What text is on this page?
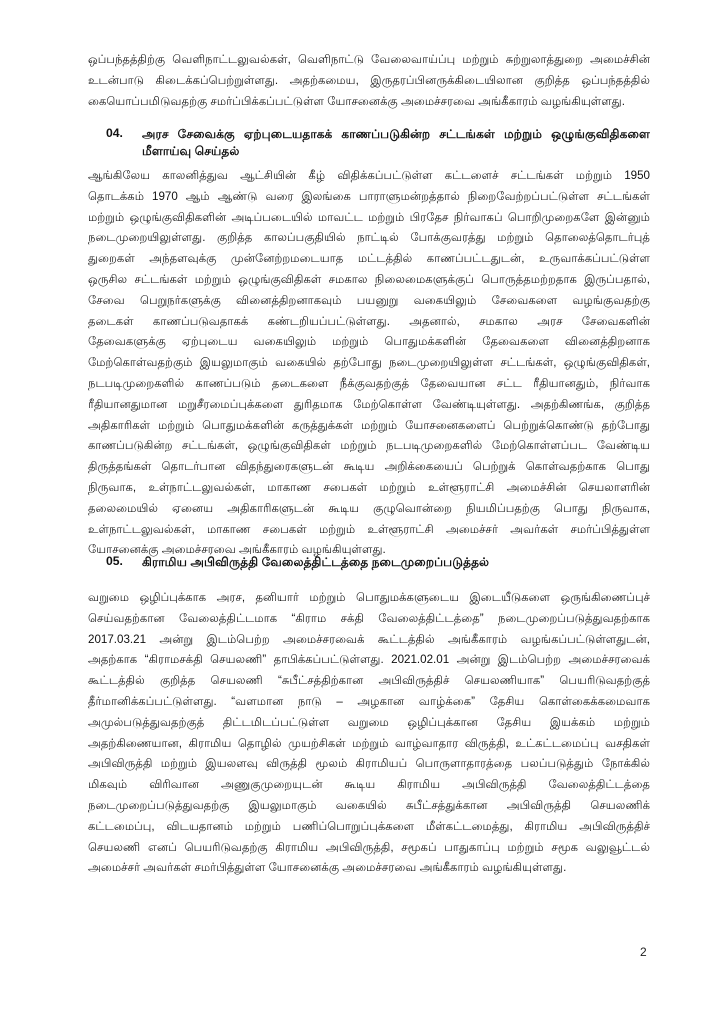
ஒப்பந்தத்திற்கு வெளிநாட்டலுவல்கள், வெளிநாட்டு வேலைவாய்ப்பு மற்றும் சுற்றுலாத்துறை அமைச்சின்
உடன்பாடு கிடைக்கப்பெற்றுள்ளது. அதற்கமைய, இருதரப்பினருக்கிடையிலான குறித்த ஒப்பந்தத்தில்
கையொப்பமிடுவதற்கு சமர்ப்பிக்கப்பட்டுள்ள யோசனைக்கு அமைச்சரவை அங்கீகாரம் வழங்கியுள்ளது.
04. அரச சேவைக்கு ஏற்புடையதாகக் காணப்படுகின்ற சட்டங்கள் மற்றும் ஒழுங்குவிதிகளை
மீளாய்வு செய்தல்
ஆங்கிலேய காலனித்துவ ஆட்சியின் கீழ் விதிக்கப்பட்டுள்ள கட்டளைச் சட்டங்கள் மற்றும் 1950
தொடக்கம் 1970 ஆம் ஆண்டு வரை இலங்கை பாராளுமன்றத்தால் நிறைவேற்றப்பட்டுள்ள சட்டங்கள்
மற்றும் ஒழுங்குவிதிகளின் அடிப்படையில் மாவட்ட மற்றும் பிரதேச நிர்வாகப் பொறிமுறைகளே இன்னும்
நடைமுறையிலுள்ளது. குறித்த காலப்பகுதியில் நாட்டில் போக்குவரத்து மற்றும் தொலைத்தொடர்புத்
துறைகள் அந்தளவுக்கு முன்னேற்றமடையாத மட்டத்தில் காணப்பட்டதுடன், உருவாக்கப்பட்டுள்ள
ஒருசில சட்டங்கள் மற்றும் ஒழுங்குவிதிகள் சமகால நிலைமைகளுக்குப் பொருத்தமற்றதாக இருப்பதால்,
சேவை பெறுநர்களுக்கு வினைத்திறனாகவும் பயனுறு வகையிலும் சேவைகளை வழங்குவதற்கு
தடைகள் காணப்படுவதாகக் கண்டறியப்பட்டுள்ளது. அதனால், சமகால அரச சேவைகளின்
தேவைகளுக்கு ஏற்புடைய வகையிலும் மற்றும் பொதுமக்களின் தேவைகளை வினைத்திறனாக
மேற்கொள்வதற்கும் இயலுமாகும் வகையில் தற்போது நடைமுறையிலுள்ள சட்டங்கள், ஒழுங்குவிதிகள்,
நடபடிமுறைகளில் காணப்படும் தடைகளை நீக்குவதற்குத் தேவையான சட்ட ரீதியானதும், நிர்வாக
ரீதியானதுமான மறுசீரமைப்புக்களை துரிதமாக மேற்கொள்ள வேண்டியுள்ளது. அதற்கிணங்க, குறித்த
அதிகாரிகள் மற்றும் பொதுமக்களின் கருத்துக்கள் மற்றும் யோசனைகளைப் பெற்றுக்கொண்டு தற்போது
காணப்படுகின்ற சட்டங்கள், ஒழுங்குவிதிகள் மற்றும் நடபடிமுறைகளில் மேற்கொள்ளப்பட வேண்டிய
திருத்தங்கள் தொடர்பான விதந்துரைகளுடன் கூடிய அறிக்கையைப் பெற்றுக் கொள்வதற்காக பொது
நிருவாக, உள்நாட்டலுவல்கள், மாகாண சபைகள் மற்றும் உள்ளூராட்சி அமைச்சின் செயலாளரின்
தலைமையில் ஏனைய அதிகாரிகளுடன் கூடிய குழுவொன்றை நியமிப்பதற்கு பொது நிருவாக,
உள்நாட்டலுவல்கள், மாகாண சபைகள் மற்றும் உள்ளூராட்சி அமைச்சர் அவர்கள் சமர்ப்பித்துள்ள
யோசனைக்கு அமைச்சரவை அங்கீகாரம் வழங்கியுள்ளது.
05. கிராமிய அபிவிருத்தி வேலைத்திட்டத்தை நடைமுறைப்படுத்தல்
வறுமை ஒழிப்புக்காக அரச, தனியார் மற்றும் பொதுமக்களுடைய இடையீடுகளை ஒருங்கிணைப்புச்
செய்வதற்கான வேலைத்திட்டமாக “கிராம சக்தி வேலைத்திட்டத்தை” நடைமுறைப்படுத்துவதற்காக
2017.03.21 அன்று இடம்பெற்ற அமைச்சரவைக் கூட்டத்தில் அங்கீகாரம் வழங்கப்பட்டுள்ளதுடன்,
அதற்காக “கிராமசக்தி செயலணி” தாபிக்கப்பட்டுள்ளது. 2021.02.01 அன்று இடம்பெற்ற அமைச்சரவைக்
கூட்டத்தில் குறித்த செயலணி “சுபீட்சத்திற்கான அபிவிருத்திச் செயலணியாக” பெயரிடுவதற்குத்
தீர்மானிக்கப்பட்டுள்ளது. “வளமான நாடு – அழகான வாழ்க்கை” தேசிய கொள்கைக்கமைவாக
அமுல்படுத்துவதற்குத் திட்டமிடப்பட்டுள்ள வறுமை ஒழிப்புக்கான தேசிய இயக்கம் மற்றும்
அதற்கிணையான, கிராமிய தொழில் முயற்சிகள் மற்றும் வாழ்வாதார விருத்தி, உட்கட்டமைப்பு வசதிகள்
அபிவிருத்தி மற்றும் இயலளவு விருத்தி மூலம் கிராமியப் பொருளாதாரத்தை பலப்படுத்தும் நோக்கில்
மிகவும் விரிவான அணுகுமுறையுடன் கூடிய கிராமிய அபிவிருத்தி வேலைத்திட்டத்தை
நடைமுறைப்படுத்துவதற்கு இயலுமாகும் வகையில் சுபீட்சத்துக்கான அபிவிருத்தி செயலணிக்
கட்டமைப்பு, விடயதானம் மற்றும் பணிப்பொறுப்புக்களை மீள்கட்டமைத்து, கிராமிய அபிவிருத்திச்
செயலணி எனப் பெயரிடுவதற்கு கிராமிய அபிவிருத்தி, சமூகப் பாதுகாப்பு மற்றும் சமூக வலுவூட்டல்
அமைச்சர் அவர்கள் சமர்பித்துள்ள யோசனைக்கு அமைச்சரவை அங்கீகாரம் வழங்கியுள்ளது.
2
